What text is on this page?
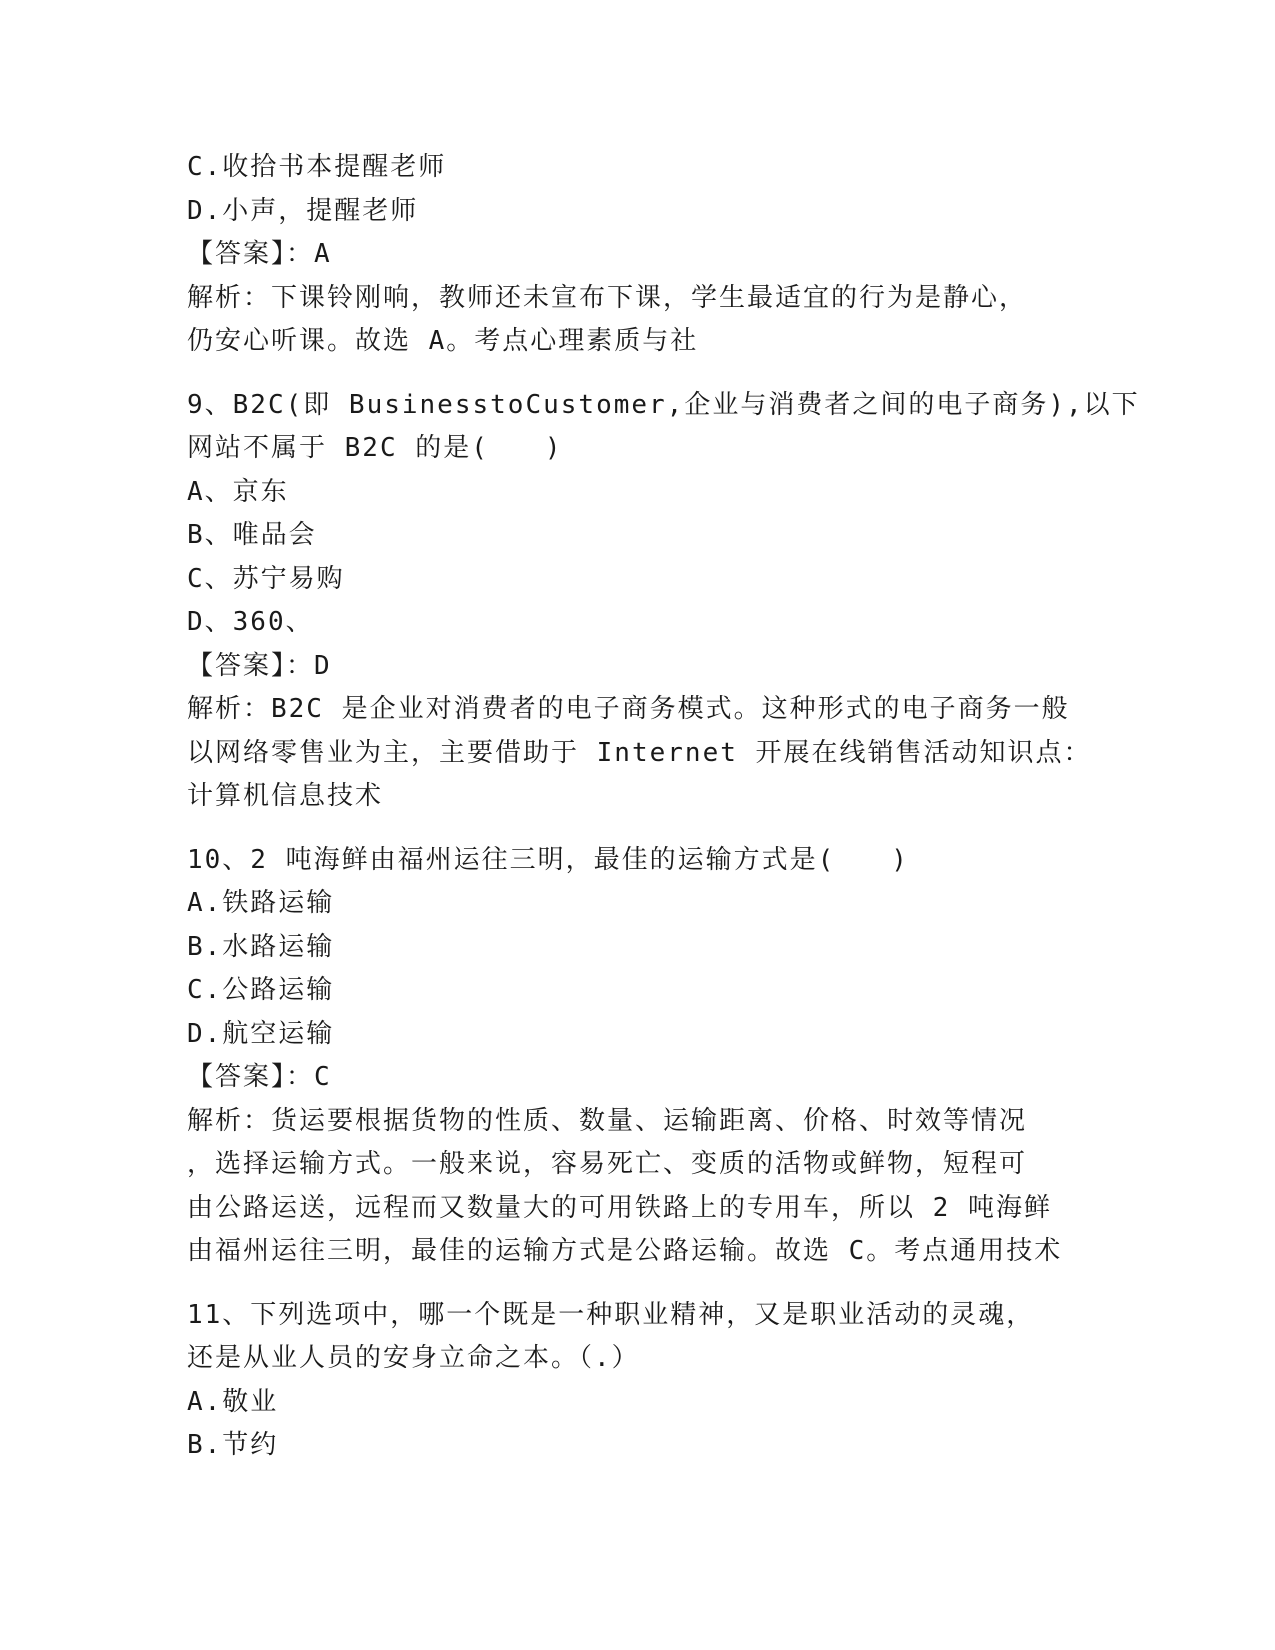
C.收拾书本提醒老师
D.小声，提醒老师
【答案】：A
解析：下课铃刚响，教师还未宣布下课，学生最适宜的行为是静心，
仍安心听课。故选 A。考点心理素质与社
9、B2C(即 BusinesstoCustomer,企业与消费者之间的电子商务),以下
网站不属于 B2C 的是(　　)
A、京东
B、唯品会
C、苏宁易购
D、360、
【答案】：D
解析：B2C 是企业对消费者的电子商务模式。这种形式的电子商务一般
以网络零售业为主，主要借助于 Internet 开展在线销售活动知识点：
计算机信息技术
10、2 吨海鲜由福州运往三明，最佳的运输方式是(　　)
A.铁路运输
B.水路运输
C.公路运输
D.航空运输
【答案】：C
解析：货运要根据货物的性质、数量、运输距离、价格、时效等情况
，选择运输方式。一般来说，容易死亡、变质的活物或鲜物，短程可
由公路运送，远程而又数量大的可用铁路上的专用车，所以 2 吨海鲜
由福州运往三明，最佳的运输方式是公路运输。故选 C。考点通用技术
11、下列选项中，哪一个既是一种职业精神，又是职业活动的灵魂，
还是从业人员的安身立命之本。（.）
A.敬业
B.节约
